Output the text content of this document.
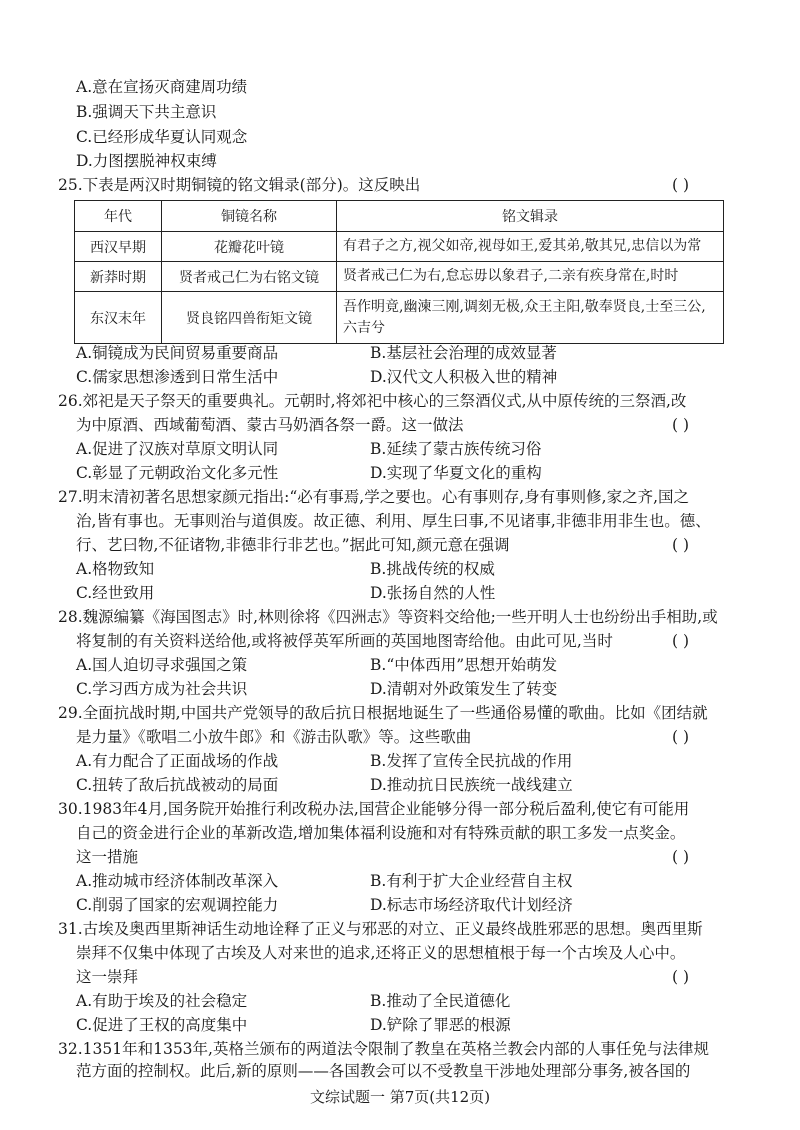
A.意在宣扬灭商建周功绩
B.强调天下共主意识
C.已经形成华夏认同观念
D.力图摆脱神权束缚
25.下表是两汉时期铜镜的铭文辑录(部分)。这反映出	( )
年代	铜镜名称	铭文辑录
西汉早期	花瓣花叶镜	有君子之方,视父如帝,视母如王,爱其弟,敬其兄,忠信以为常
新莽时期	贤者戒己仁为右铭文镜	贤者戒己仁为右,怠忘毋以象君子,二亲有疾身常在,时时
东汉末年	贤良铭四兽衔矩文镜	吾作明竟,幽湅三刚,调刻无极,众王主阳,敬奉贤良,士至三公,六吉兮
A.铜镜成为民间贸易重要商品	B.基层社会治理的成效显著
C.儒家思想渗透到日常生活中	D.汉代文人积极入世的精神
26.郊祀是天子祭天的重要典礼。元朝时,将郊祀中核心的三祭酒仪式,从中原传统的三祭酒,改
为中原酒、西域葡萄酒、蒙古马奶酒各祭一爵。这一做法	( )
A.促进了汉族对草原文明认同	B.延续了蒙古族传统习俗
C.彰显了元朝政治文化多元性	D.实现了华夏文化的重构
27.明末清初著名思想家颜元指出:“必有事焉,学之要也。心有事则存,身有事则修,家之齐,国之
治,皆有事也。无事则治与道俱废。故正德、利用、厚生曰事,不见诸事,非德非用非生也。德、
行、艺曰物,不征诸物,非德非行非艺也。”据此可知,颜元意在强调	( )
A.格物致知	B.挑战传统的权威
C.经世致用	D.张扬自然的人性
28.魏源编纂《海国图志》时,林则徐将《四洲志》等资料交给他;一些开明人士也纷纷出手相助,或
将复制的有关资料送给他,或将被俘英军所画的英国地图寄给他。由此可见,当时	( )
A.国人迫切寻求强国之策	B.“中体西用”思想开始萌发
C.学习西方成为社会共识	D.清朝对外政策发生了转变
29.全面抗战时期,中国共产党领导的敌后抗日根据地诞生了一些通俗易懂的歌曲。比如《团结就
是力量》《歌唱二小放牛郎》和《游击队歌》等。这些歌曲	( )
A.有力配合了正面战场的作战	B.发挥了宣传全民抗战的作用
C.扭转了敌后抗战被动的局面	D.推动抗日民族统一战线建立
30.1983年4月,国务院开始推行利改税办法,国营企业能够分得一部分税后盈利,使它有可能用
自己的资金进行企业的革新改造,增加集体福利设施和对有特殊贡献的职工多发一点奖金。
这一措施	( )
A.推动城市经济体制改革深入	B.有利于扩大企业经营自主权
C.削弱了国家的宏观调控能力	D.标志市场经济取代计划经济
31.古埃及奥西里斯神话生动地诠释了正义与邪恶的对立、正义最终战胜邪恶的思想。奥西里斯
崇拜不仅集中体现了古埃及人对来世的追求,还将正义的思想植根于每一个古埃及人心中。
这一崇拜	( )
A.有助于埃及的社会稳定	B.推动了全民道德化
C.促进了王权的高度集中	D.铲除了罪恶的根源
32.1351年和1353年,英格兰颁布的两道法令限制了教皇在英格兰教会内部的人事任免与法律规
范方面的控制权。此后,新的原则——各国教会可以不受教皇干涉地处理部分事务,被各国的
文综试题一 第7页(共12页)
